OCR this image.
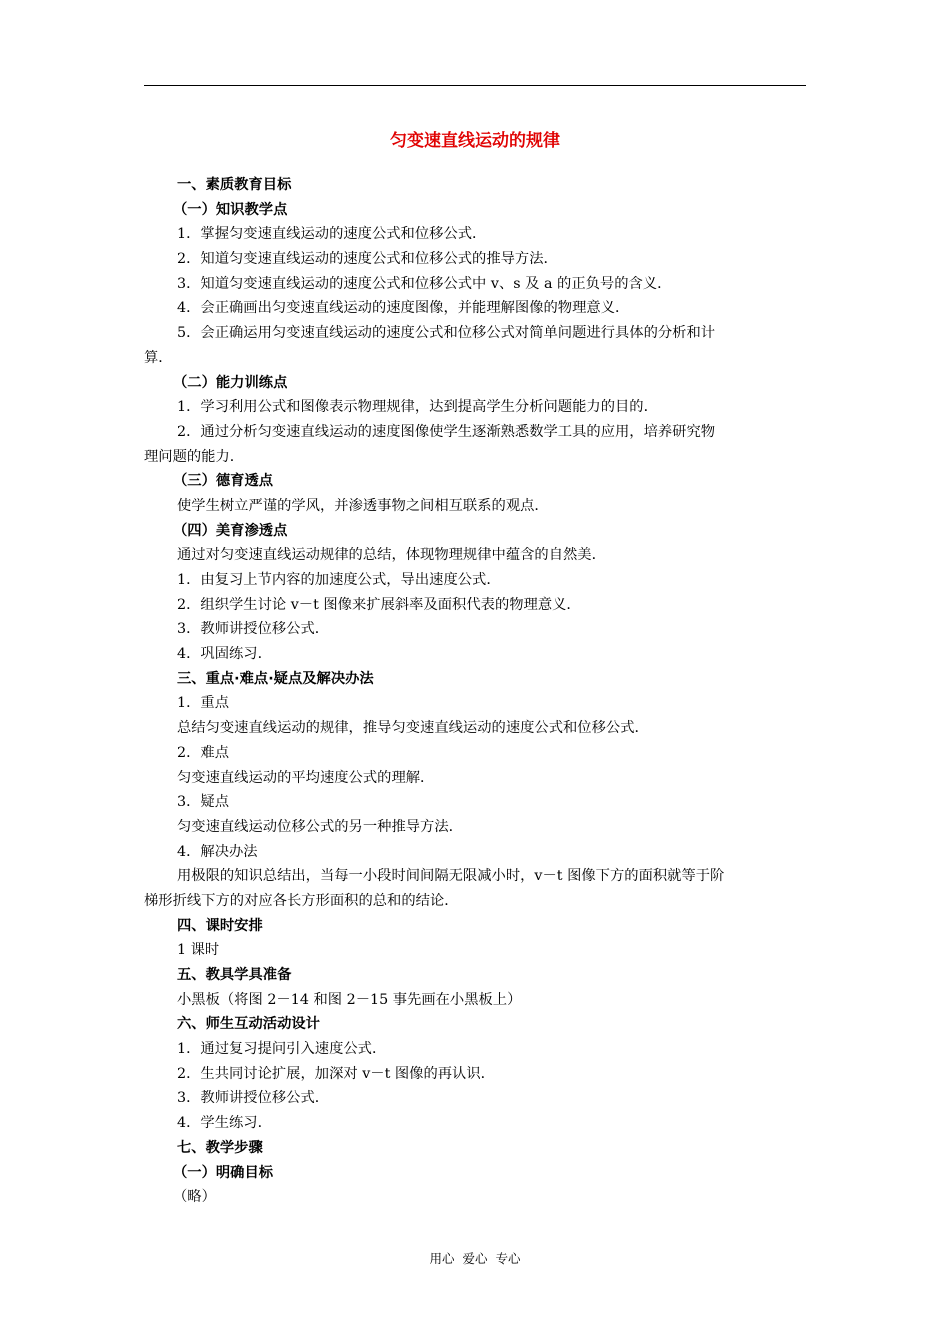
匀变速直线运动的规律
一、素质教育目标
（一）知识教学点
1．掌握匀变速直线运动的速度公式和位移公式．
2．知道匀变速直线运动的速度公式和位移公式的推导方法．
3．知道匀变速直线运动的速度公式和位移公式中 v、s 及 a 的正负号的含义．
4．会正确画出匀变速直线运动的速度图像，并能理解图像的物理意义．
5．会正确运用匀变速直线运动的速度公式和位移公式对简单问题进行具体的分析和计
算．
（二）能力训练点
1．学习利用公式和图像表示物理规律，达到提高学生分析问题能力的目的．
2．通过分析匀变速直线运动的速度图像使学生逐渐熟悉数学工具的应用，培养研究物
理问题的能力．
（三）德育透点
使学生树立严谨的学风，并渗透事物之间相互联系的观点．
（四）美育渗透点
通过对匀变速直线运动规律的总结，体现物理规律中蕴含的自然美．
1．由复习上节内容的加速度公式，导出速度公式．
2．组织学生讨论 v－t 图像来扩展斜率及面积代表的物理意义．
3．教师讲授位移公式．
4．巩固练习．
三、重点·难点·疑点及解决办法
1．重点
总结匀变速直线运动的规律，推导匀变速直线运动的速度公式和位移公式．
2．难点
匀变速直线运动的平均速度公式的理解．
3．疑点
匀变速直线运动位移公式的另一种推导方法．
4．解决办法
用极限的知识总结出，当每一小段时间间隔无限减小时，v－t 图像下方的面积就等于阶
梯形折线下方的对应各长方形面积的总和的结论．
四、课时安排
1 课时
五、教具学具准备
小黑板（将图 2－14 和图 2－15 事先画在小黑板上）
六、师生互动活动设计
1．通过复习提问引入速度公式．
2．生共同讨论扩展，加深对 v－t 图像的再认识．
3．教师讲授位移公式．
4．学生练习．
七、教学步骤
（一）明确目标
（略）
用心 爱心 专心
